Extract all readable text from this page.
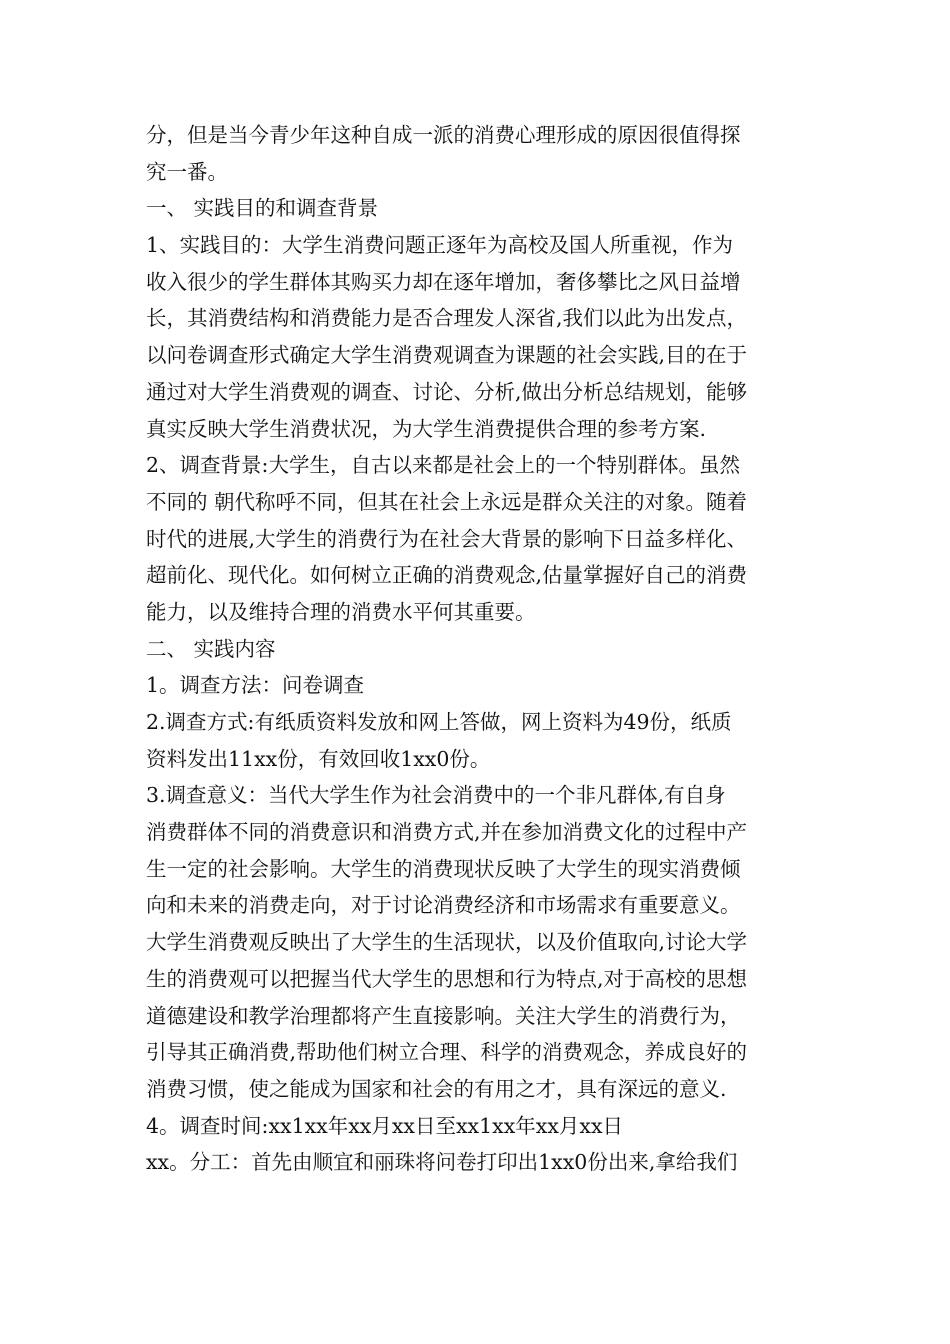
分，但是当今青少年这种自成一派的消费心理形成的原因很值得探
究一番。
一、 实践目的和调查背景
1、实践目的：大学生消费问题正逐年为高校及国人所重视，作为
收入很少的学生群体其购买力却在逐年增加，奢侈攀比之风日益增
长，其消费结构和消费能力是否合理发人深省,我们以此为出发点，
以问卷调查形式确定大学生消费观调查为课题的社会实践,目的在于
通过对大学生消费观的调查、讨论、分析,做出分析总结规划，能够
真实反映大学生消费状况，为大学生消费提供合理的参考方案.
2、调查背景:大学生，自古以来都是社会上的一个特别群体。虽然
不同的 朝代称呼不同，但其在社会上永远是群众关注的对象。随着
时代的进展,大学生的消费行为在社会大背景的影响下日益多样化、
超前化、现代化。如何树立正确的消费观念,估量掌握好自己的消费
能力，以及维持合理的消费水平何其重要。
二、 实践内容
1。调查方法：问卷调查
2.调查方式:有纸质资料发放和网上答做，网上资料为49份，纸质
资料发出11xx份，有效回收1xx0份。
3.调查意义：当代大学生作为社会消费中的一个非凡群体,有自身
消费群体不同的消费意识和消费方式,并在参加消费文化的过程中产
生一定的社会影响。大学生的消费现状反映了大学生的现实消费倾
向和未来的消费走向，对于讨论消费经济和市场需求有重要意义。
大学生消费观反映出了大学生的生活现状，以及价值取向,讨论大学
生的消费观可以把握当代大学生的思想和行为特点,对于高校的思想
道德建设和教学治理都将产生直接影响。关注大学生的消费行为，
引导其正确消费,帮助他们树立合理、科学的消费观念，养成良好的
消费习惯，使之能成为国家和社会的有用之才，具有深远的意义.
4。调查时间:xx1xx年xx月xx日至xx1xx年xx月xx日
xx。分工：首先由顺宜和丽珠将问卷打印出1xx0份出来,拿给我们
